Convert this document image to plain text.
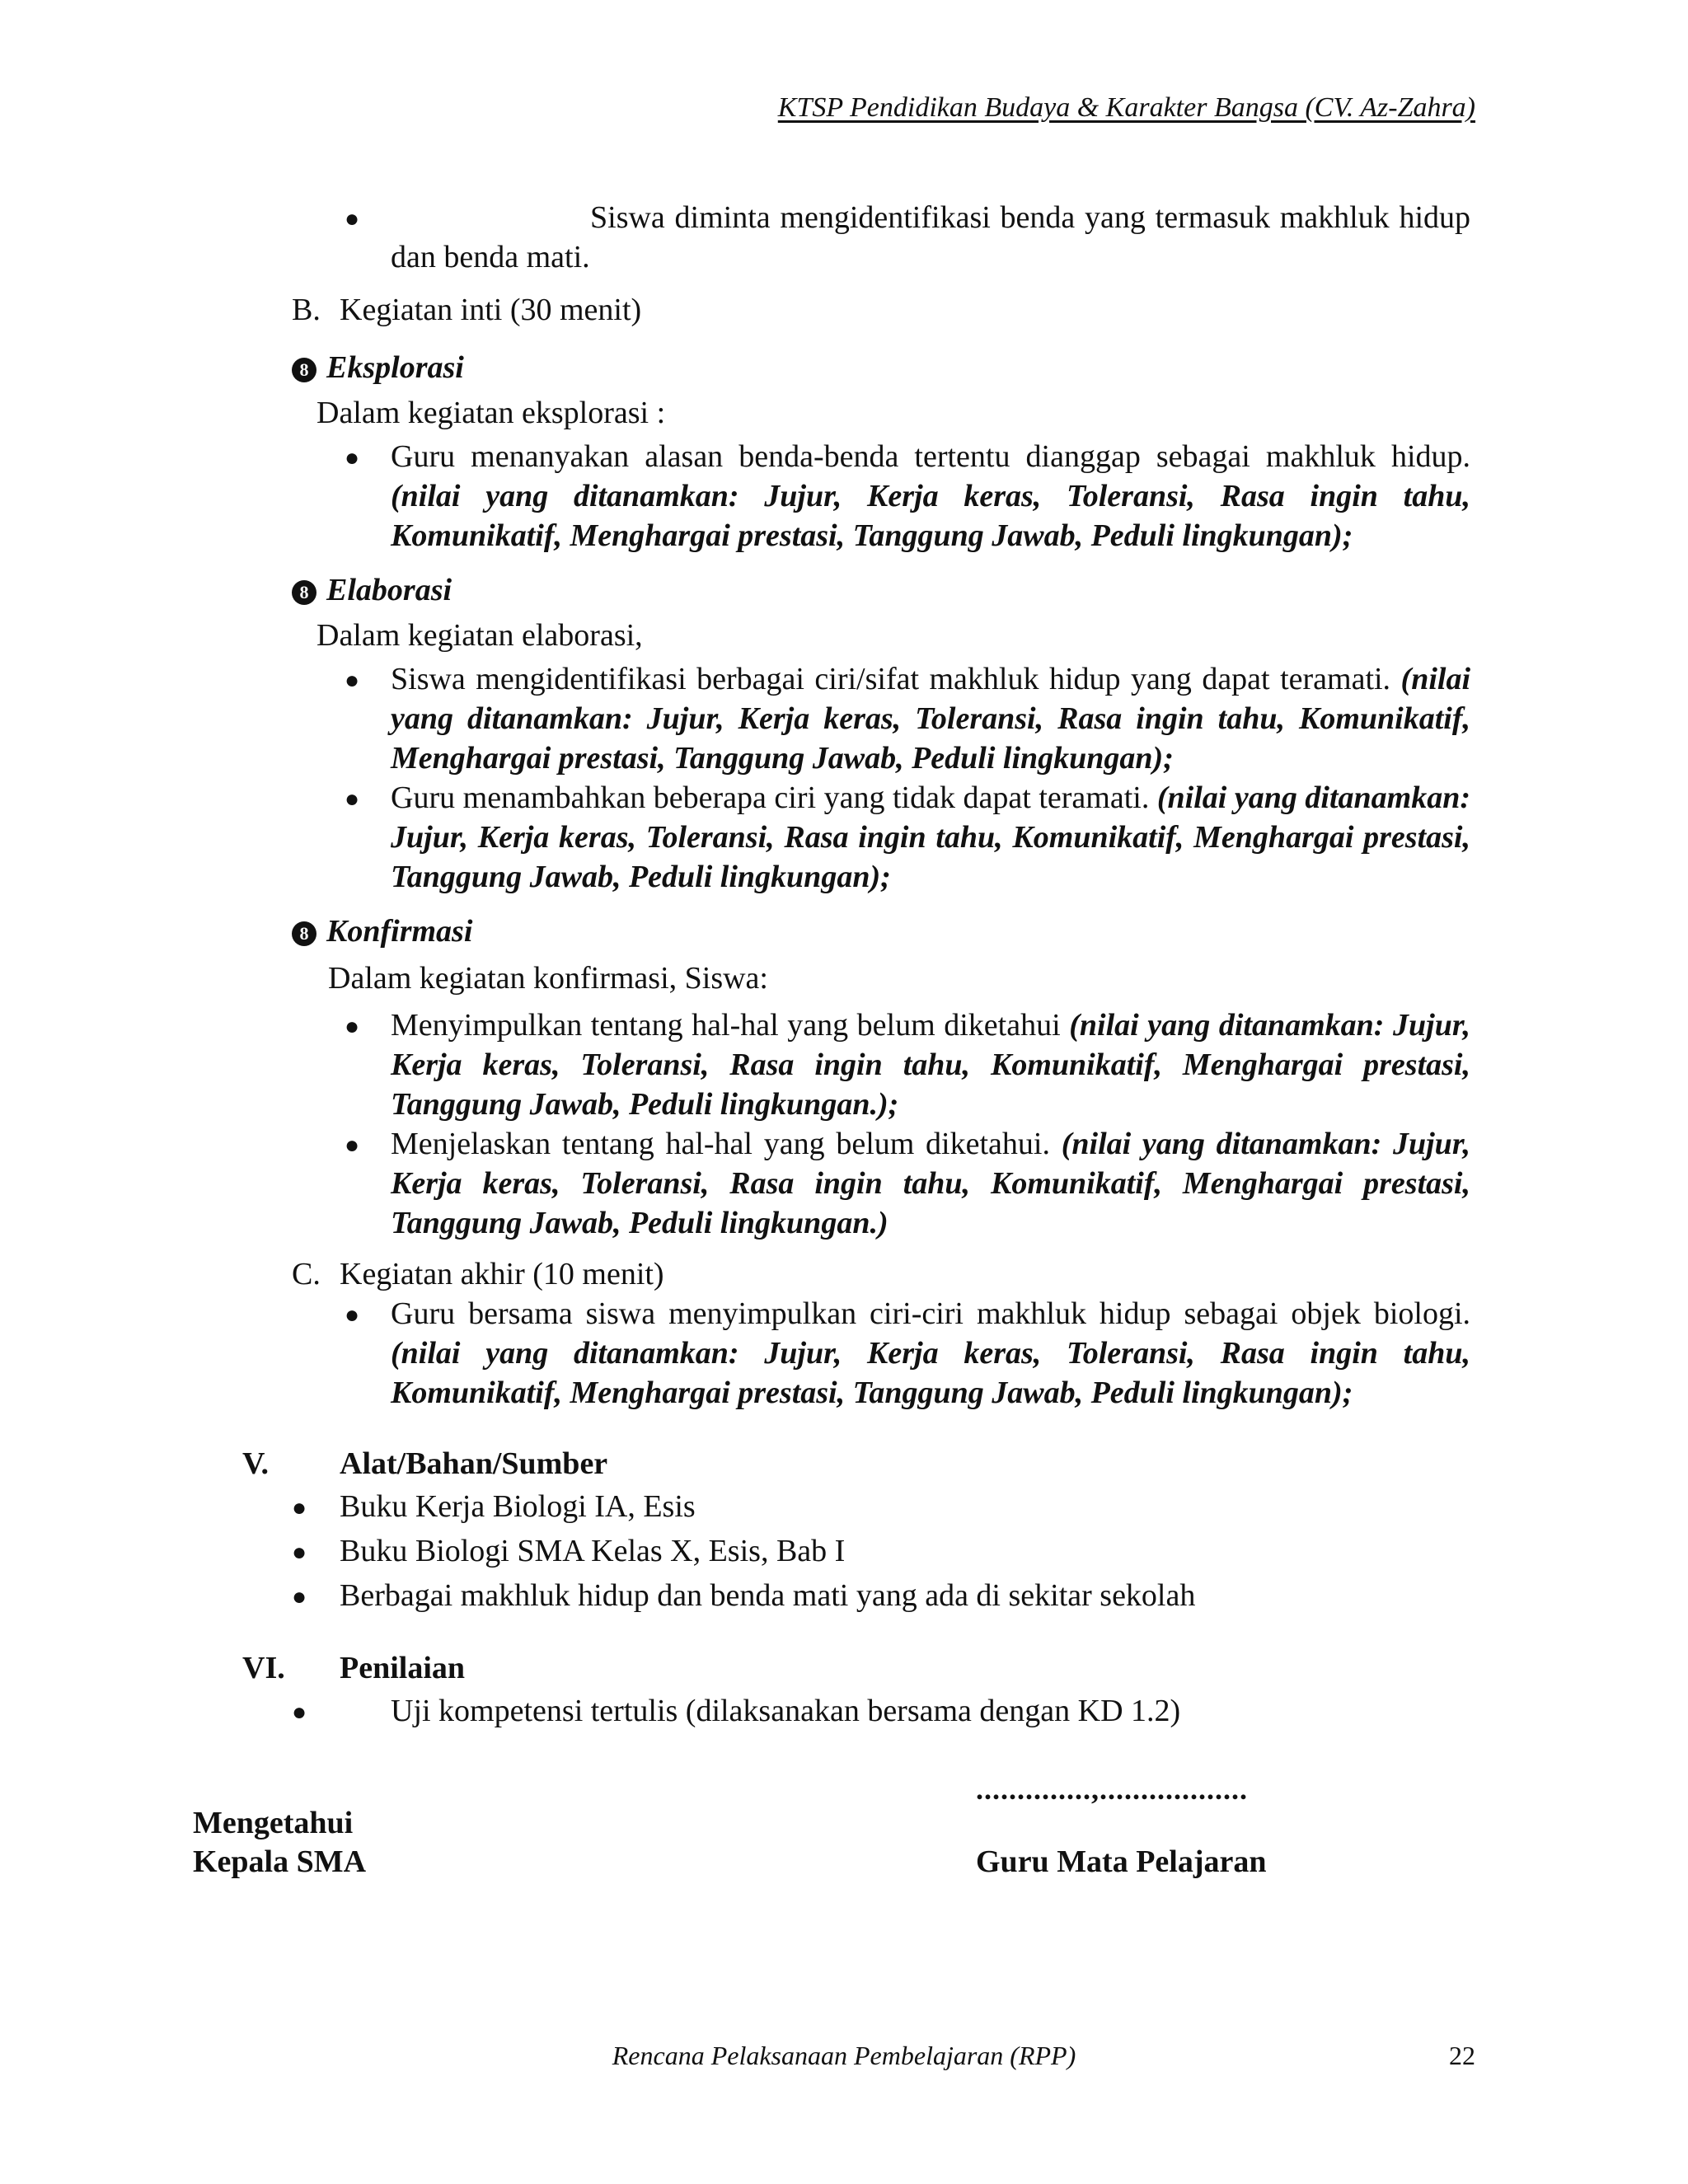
KTSP Pendidikan Budaya & Karakter Bangsa (CV. Az-Zahra)
●	Siswa diminta mengidentifikasi benda yang termasuk makhluk hidup dan benda mati.
B. Kegiatan inti (30 menit)
8 Eksplorasi
Dalam kegiatan eksplorasi :
● Guru menanyakan alasan benda-benda tertentu dianggap sebagai makhluk hidup. (nilai yang ditanamkan: Jujur, Kerja keras, Toleransi, Rasa ingin tahu, Komunikatif, Menghargai prestasi, Tanggung Jawab, Peduli lingkungan);
8 Elaborasi
Dalam kegiatan elaborasi,
● Siswa mengidentifikasi berbagai ciri/sifat makhluk hidup yang dapat teramati. (nilai yang ditanamkan: Jujur, Kerja keras, Toleransi, Rasa ingin tahu, Komunikatif, Menghargai prestasi, Tanggung Jawab, Peduli lingkungan);
● Guru menambahkan beberapa ciri yang tidak dapat teramati. (nilai yang ditanamkan: Jujur, Kerja keras, Toleransi, Rasa ingin tahu, Komunikatif, Menghargai prestasi, Tanggung Jawab, Peduli lingkungan);
8 Konfirmasi
Dalam kegiatan konfirmasi, Siswa:
● Menyimpulkan tentang hal-hal yang belum diketahui (nilai yang ditanamkan: Jujur, Kerja keras, Toleransi, Rasa ingin tahu, Komunikatif, Menghargai prestasi, Tanggung Jawab, Peduli lingkungan.);
● Menjelaskan tentang hal-hal yang belum diketahui. (nilai yang ditanamkan: Jujur, Kerja keras, Toleransi, Rasa ingin tahu, Komunikatif, Menghargai prestasi, Tanggung Jawab, Peduli lingkungan.)
C. Kegiatan akhir (10 menit)
● Guru bersama siswa menyimpulkan ciri-ciri makhluk hidup sebagai objek biologi. (nilai yang ditanamkan: Jujur, Kerja keras, Toleransi, Rasa ingin tahu, Komunikatif, Menghargai prestasi, Tanggung Jawab, Peduli lingkungan);
V. Alat/Bahan/Sumber
● Buku Kerja Biologi IA, Esis
● Buku Biologi SMA Kelas X, Esis, Bab I
● Berbagai makhluk hidup dan benda mati yang ada di sekitar sekolah
VI. Penilaian
●	Uji kompetensi tertulis (dilaksanakan bersama dengan KD 1.2)
..............,..................
Mengetahui
Kepala SMA	Guru Mata Pelajaran
Rencana Pelaksanaan Pembelajaran (RPP)	22
